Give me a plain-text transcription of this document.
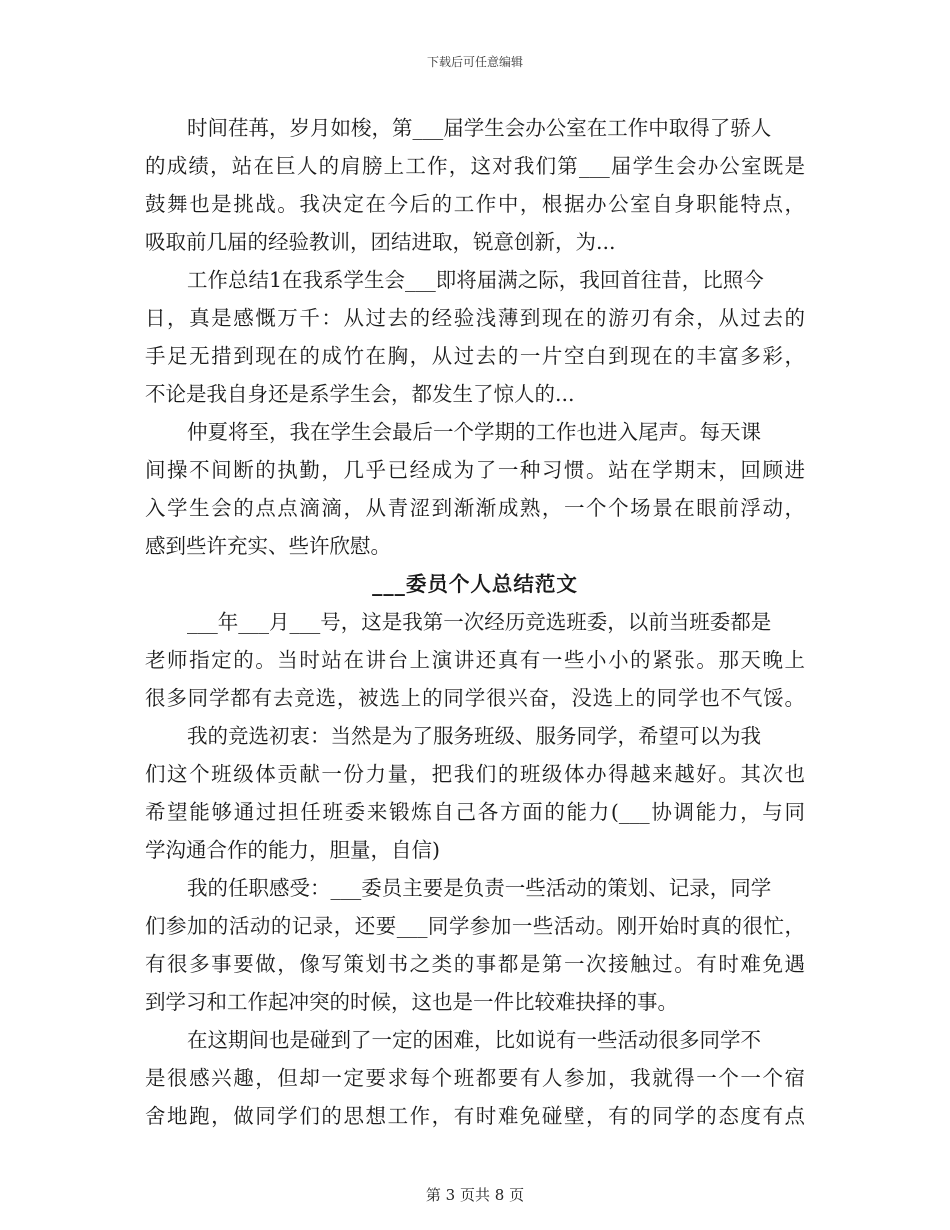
下载后可任意编辑
时间荏苒，岁月如梭，第___届学生会办公室在工作中取得了骄人
的成绩，站在巨人的肩膀上工作，这对我们第___届学生会办公室既是
鼓舞也是挑战。我决定在今后的工作中，根据办公室自身职能特点，
吸取前几届的经验教训，团结进取，锐意创新，为...
工作总结1在我系学生会___即将届满之际，我回首往昔，比照今
日，真是感慨万千：从过去的经验浅薄到现在的游刃有余，从过去的
手足无措到现在的成竹在胸，从过去的一片空白到现在的丰富多彩，
不论是我自身还是系学生会，都发生了惊人的...
仲夏将至，我在学生会最后一个学期的工作也进入尾声。每天课
间操不间断的执勤，几乎已经成为了一种习惯。站在学期末，回顾进
入学生会的点点滴滴，从青涩到渐渐成熟，一个个场景在眼前浮动，
感到些许充实、些许欣慰。
___委员个人总结范文
___年___月___号，这是我第一次经历竞选班委，以前当班委都是
老师指定的。当时站在讲台上演讲还真有一些小小的紧张。那天晚上
很多同学都有去竞选，被选上的同学很兴奋，没选上的同学也不气馁。
我的竞选初衷：当然是为了服务班级、服务同学，希望可以为我
们这个班级体贡献一份力量，把我们的班级体办得越来越好。其次也
希望能够通过担任班委来锻炼自己各方面的能力(___协调能力，与同
学沟通合作的能力，胆量，自信)
我的任职感受：___委员主要是负责一些活动的策划、记录，同学
们参加的活动的记录，还要___同学参加一些活动。刚开始时真的很忙，
有很多事要做，像写策划书之类的事都是第一次接触过。有时难免遇
到学习和工作起冲突的时候，这也是一件比较难抉择的事。
在这期间也是碰到了一定的困难，比如说有一些活动很多同学不
是很感兴趣，但却一定要求每个班都要有人参加，我就得一个一个宿
舍地跑，做同学们的思想工作，有时难免碰壁，有的同学的态度有点
第 3 页共 8 页
